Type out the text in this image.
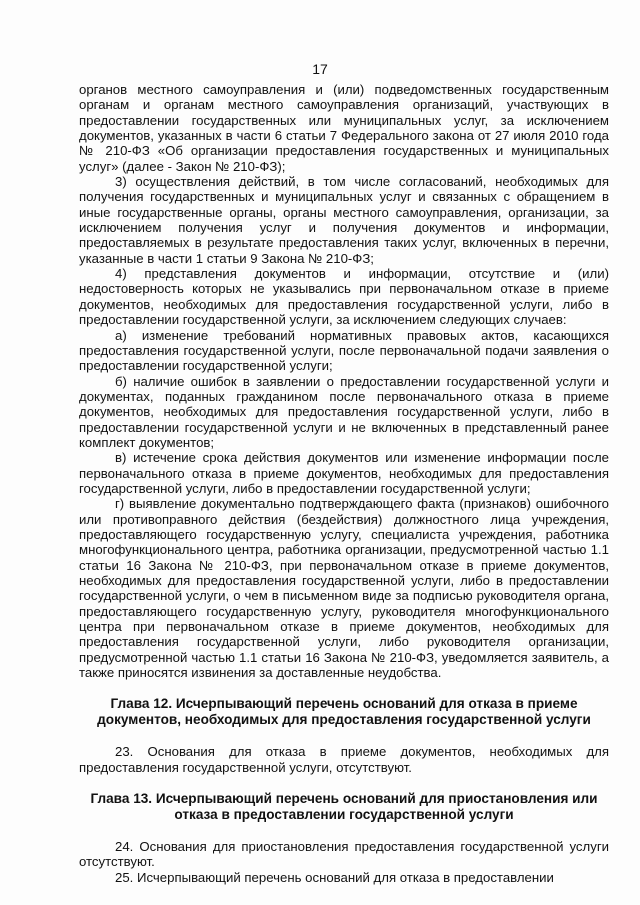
17

органов местного самоуправления и (или) подведомственных государственным органам и органам местного самоуправления организаций, участвующих в предоставлении государственных или муниципальных услуг, за исключением документов, указанных в части 6 статьи 7 Федерального закона от 27 июля 2010 года № 210-ФЗ «Об организации предоставления государственных и муниципальных услуг» (далее - Закон № 210-ФЗ);

3) осуществления действий, в том числе согласований, необходимых для получения государственных и муниципальных услуг и связанных с обращением в иные государственные органы, органы местного самоуправления, организации, за исключением получения услуг и получения документов и информации, предоставляемых в результате предоставления таких услуг, включенных в перечни, указанные в части 1 статьи 9 Закона № 210-ФЗ;

4) представления документов и информации, отсутствие и (или) недостоверность которых не указывались при первоначальном отказе в приеме документов, необходимых для предоставления государственной услуги, либо в предоставлении государственной услуги, за исключением следующих случаев:

а) изменение требований нормативных правовых актов, касающихся предоставления государственной услуги, после первоначальной подачи заявления о предоставлении государственной услуги;

б) наличие ошибок в заявлении о предоставлении государственной услуги и документах, поданных гражданином после первоначального отказа в приеме документов, необходимых для предоставления государственной услуги, либо в предоставлении государственной услуги и не включенных в представленный ранее комплект документов;

в) истечение срока действия документов или изменение информации после первоначального отказа в приеме документов, необходимых для предоставления государственной услуги, либо в предоставлении государственной услуги;

г) выявление документально подтверждающего факта (признаков) ошибочного или противоправного действия (бездействия) должностного лица учреждения, предоставляющего государственную услугу, специалиста учреждения, работника многофункционального центра, работника организации, предусмотренной частью 1.1 статьи 16 Закона № 210-ФЗ, при первоначальном отказе в приеме документов, необходимых для предоставления государственной услуги, либо в предоставлении государственной услуги, о чем в письменном виде за подписью руководителя органа, предоставляющего государственную услугу, руководителя многофункционального центра при первоначальном отказе в приеме документов, необходимых для предоставления государственной услуги, либо руководителя организации, предусмотренной частью 1.1 статьи 16 Закона № 210-ФЗ, уведомляется заявитель, а также приносятся извинения за доставленные неудобства.

Глава 12. Исчерпывающий перечень оснований для отказа в приеме документов, необходимых для предоставления государственной услуги

23. Основания для отказа в приеме документов, необходимых для предоставления государственной услуги, отсутствуют.

Глава 13. Исчерпывающий перечень оснований для приостановления или отказа в предоставлении государственной услуги

24. Основания для приостановления предоставления государственной услуги отсутствуют.

25. Исчерпывающий перечень оснований для отказа в предоставлении
